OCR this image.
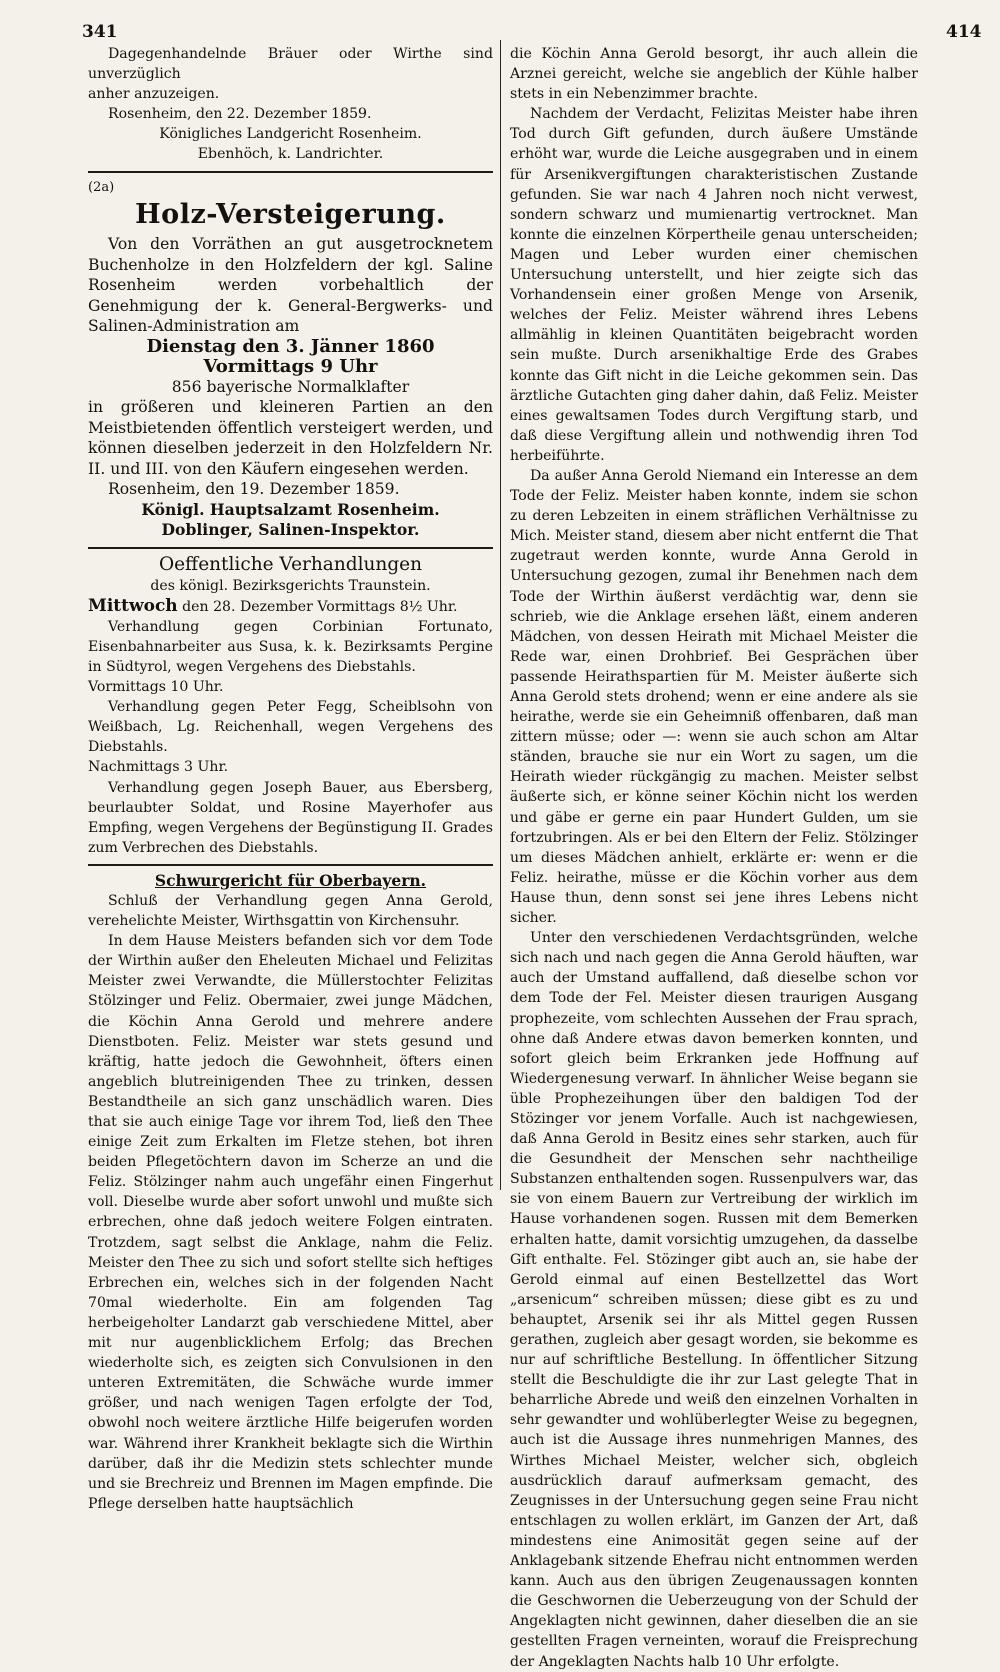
341	414

Dagegenhandelnde Bräuer oder Wirthe sind unverzüglich

anher anzuzeigen.

Rosenheim, den 22. Dezember 1859.

Königliches Landgericht Rosenheim.

Ebenhöch, k. Landrichter.

(2a)
Holz-Versteigerung.

Von den Vorräthen an gut ausgetrocknetem Buchenholze in den Holzfeldern der kgl. Saline Rosenheim werden vorbehaltlich der Genehmigung der k. General-Bergwerks- und Salinen-Administration am

Dienstag den 3. Jänner 1860
Vormittags 9 Uhr

856 bayerische Normalklafter

in größeren und kleineren Partien an den Meistbietenden öffentlich versteigert werden, und können dieselben jederzeit in den Holzfeldern Nr. II. und III. von den Käufern eingesehen werden.

Rosenheim, den 19. Dezember 1859.

Königl. Hauptsalzamt Rosenheim.

Doblinger, Salinen-Inspektor.

Oeffentliche Verhandlungen

des königl. Bezirksgerichts Traunstein.

Mittwoch den 28. Dezember Vormittags 8½ Uhr.

Verhandlung gegen Corbinian Fortunato, Eisenbahnarbeiter aus Susa, k. k. Bezirksamts Pergine in Südtyrol, wegen Vergehens des Diebstahls.

Vormittags 10 Uhr.

Verhandlung gegen Peter Fegg, Scheiblsohn von Weißbach, Lg. Reichenhall, wegen Vergehens des Diebstahls.

Nachmittags 3 Uhr.

Verhandlung gegen Joseph Bauer, aus Ebersberg, beurlaubter Soldat, und Rosine Mayerhofer aus Empfing, wegen Vergehens der Begünstigung II. Grades zum Verbrechen des Diebstahls.

Schwurgericht für Oberbayern.

Schluß der Verhandlung gegen Anna Gerold, verehelichte Meister, Wirthsgattin von Kirchensuhr.

In dem Hause Meisters befanden sich vor dem Tode der Wirthin außer den Eheleuten Michael und Felizitas Meister zwei Verwandte, die Müllerstochter Felizitas Stölzinger und Feliz. Obermaier, zwei junge Mädchen, die Köchin Anna Gerold und mehrere andere Dienstboten. Feliz. Meister war stets gesund und kräftig, hatte jedoch die Gewohnheit, öfters einen angeblich blutreinigenden Thee zu trinken, dessen Bestandtheile an sich ganz unschädlich waren. Dies that sie auch einige Tage vor ihrem Tod, ließ den Thee einige Zeit zum Erkalten im Fletze stehen, bot ihren beiden Pflegetöchtern davon im Scherze an und die Feliz. Stölzinger nahm auch ungefähr einen Fingerhut voll. Dieselbe wurde aber sofort unwohl und mußte sich erbrechen, ohne daß jedoch weitere Folgen eintraten. Trotzdem, sagt selbst die Anklage, nahm die Feliz. Meister den Thee zu sich und sofort stellte sich heftiges Erbrechen ein, welches sich in der folgenden Nacht 70mal wiederholte. Ein am folgenden Tag herbeigeholter Landarzt gab verschiedene Mittel, aber mit nur augenblicklichem Erfolg; das Brechen wiederholte sich, es zeigten sich Convulsionen in den unteren Extremitäten, die Schwäche wurde immer größer, und nach wenigen Tagen erfolgte der Tod, obwohl noch weitere ärztliche Hilfe beigerufen worden war. Während ihrer Krankheit beklagte sich die Wirthin darüber, daß ihr die Medizin stets schlechter munde und sie Brechreiz und Brennen im Magen empfinde. Die Pflege derselben hatte hauptsächlich

die Köchin Anna Gerold besorgt, ihr auch allein die Arznei gereicht, welche sie angeblich der Kühle halber stets in ein Nebenzimmer brachte.

Nachdem der Verdacht, Felizitas Meister habe ihren Tod durch Gift gefunden, durch äußere Umstände erhöht war, wurde die Leiche ausgegraben und in einem für Arsenikvergiftungen charakteristischen Zustande gefunden. Sie war nach 4 Jahren noch nicht verwest, sondern schwarz und mumienartig vertrocknet. Man konnte die einzelnen Körpertheile genau unterscheiden; Magen und Leber wurden einer chemischen Untersuchung unterstellt, und hier zeigte sich das Vorhandensein einer großen Menge von Arsenik, welches der Feliz. Meister während ihres Lebens allmählig in kleinen Quantitäten beigebracht worden sein mußte. Durch arsenikhaltige Erde des Grabes konnte das Gift nicht in die Leiche gekommen sein. Das ärztliche Gutachten ging daher dahin, daß Feliz. Meister eines gewaltsamen Todes durch Vergiftung starb, und daß diese Vergiftung allein und nothwendig ihren Tod herbeiführte.

Da außer Anna Gerold Niemand ein Interesse an dem Tode der Feliz. Meister haben konnte, indem sie schon zu deren Lebzeiten in einem sträflichen Verhältnisse zu Mich. Meister stand, diesem aber nicht entfernt die That zugetraut werden konnte, wurde Anna Gerold in Untersuchung gezogen, zumal ihr Benehmen nach dem Tode der Wirthin äußerst verdächtig war, denn sie schrieb, wie die Anklage ersehen läßt, einem anderen Mädchen, von dessen Heirath mit Michael Meister die Rede war, einen Drohbrief. Bei Gesprächen über passende Heirathspartien für M. Meister äußerte sich Anna Gerold stets drohend; wenn er eine andere als sie heirathe, werde sie ein Geheimniß offenbaren, daß man zittern müsse; oder —: wenn sie auch schon am Altar ständen, brauche sie nur ein Wort zu sagen, um die Heirath wieder rückgängig zu machen. Meister selbst äußerte sich, er könne seiner Köchin nicht los werden und gäbe er gerne ein paar Hundert Gulden, um sie fortzubringen. Als er bei den Eltern der Feliz. Stölzinger um dieses Mädchen anhielt, erklärte er: wenn er die Feliz. heirathe, müsse er die Köchin vorher aus dem Hause thun, denn sonst sei jene ihres Lebens nicht sicher.

Unter den verschiedenen Verdachtsgründen, welche sich nach und nach gegen die Anna Gerold häuften, war auch der Umstand auffallend, daß dieselbe schon vor dem Tode der Fel. Meister diesen traurigen Ausgang prophezeite, vom schlechten Aussehen der Frau sprach, ohne daß Andere etwas davon bemerken konnten, und sofort gleich beim Erkranken jede Hoffnung auf Wiedergenesung verwarf. In ähnlicher Weise begann sie üble Prophezeihungen über den baldigen Tod der Stözinger vor jenem Vorfalle. Auch ist nachgewiesen, daß Anna Gerold in Besitz eines sehr starken, auch für die Gesundheit der Menschen sehr nachtheilige Substanzen enthaltenden sogen. Russenpulvers war, das sie von einem Bauern zur Vertreibung der wirklich im Hause vorhandenen sogen. Russen mit dem Bemerken erhalten hatte, damit vorsichtig umzugehen, da dasselbe Gift enthalte. Fel. Stözinger gibt auch an, sie habe der Gerold einmal auf einen Bestellzettel das Wort „arsenicum“ schreiben müssen; diese gibt es zu und behauptet, Arsenik sei ihr als Mittel gegen Russen gerathen, zugleich aber gesagt worden, sie bekomme es nur auf schriftliche Bestellung. In öffentlicher Sitzung stellt die Beschuldigte die ihr zur Last gelegte That in beharrliche Abrede und weiß den einzelnen Vorhalten in sehr gewandter und wohlüberlegter Weise zu begegnen, auch ist die Aussage ihres nunmehrigen Mannes, des Wirthes Michael Meister, welcher sich, obgleich ausdrücklich darauf aufmerksam gemacht, des Zeugnisses in der Untersuchung gegen seine Frau nicht entschlagen zu wollen erklärt, im Ganzen der Art, daß mindestens eine Animosität gegen seine auf der Anklagebank sitzende Ehefrau nicht entnommen werden kann. Auch aus den übrigen Zeugenaussagen konnten die Geschwornen die Ueberzeugung von der Schuld der Angeklagten nicht gewinnen, daher dieselben die an sie gestellten Fragen verneinten, worauf die Freisprechung der Angeklagten Nachts halb 10 Uhr erfolgte.
